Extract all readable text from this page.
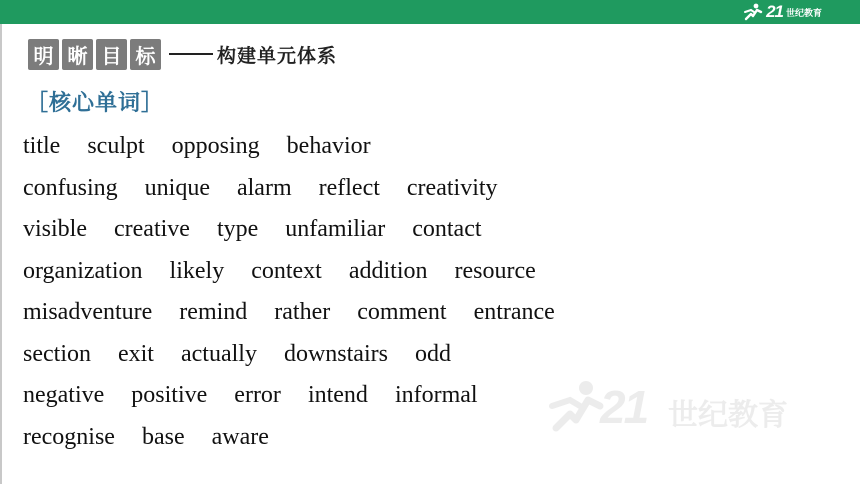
21 世纪教育
明 晰 目 标	构建单元体系
［核心单词］
title sculpt opposing behavior
confusing unique alarm reflect creativity
visible creative type unfamiliar contact
organization likely context addition resource
misadventure remind rather comment entrance
section exit actually downstairs odd
negative positive error intend informal
recognise base aware
21 世纪教育
